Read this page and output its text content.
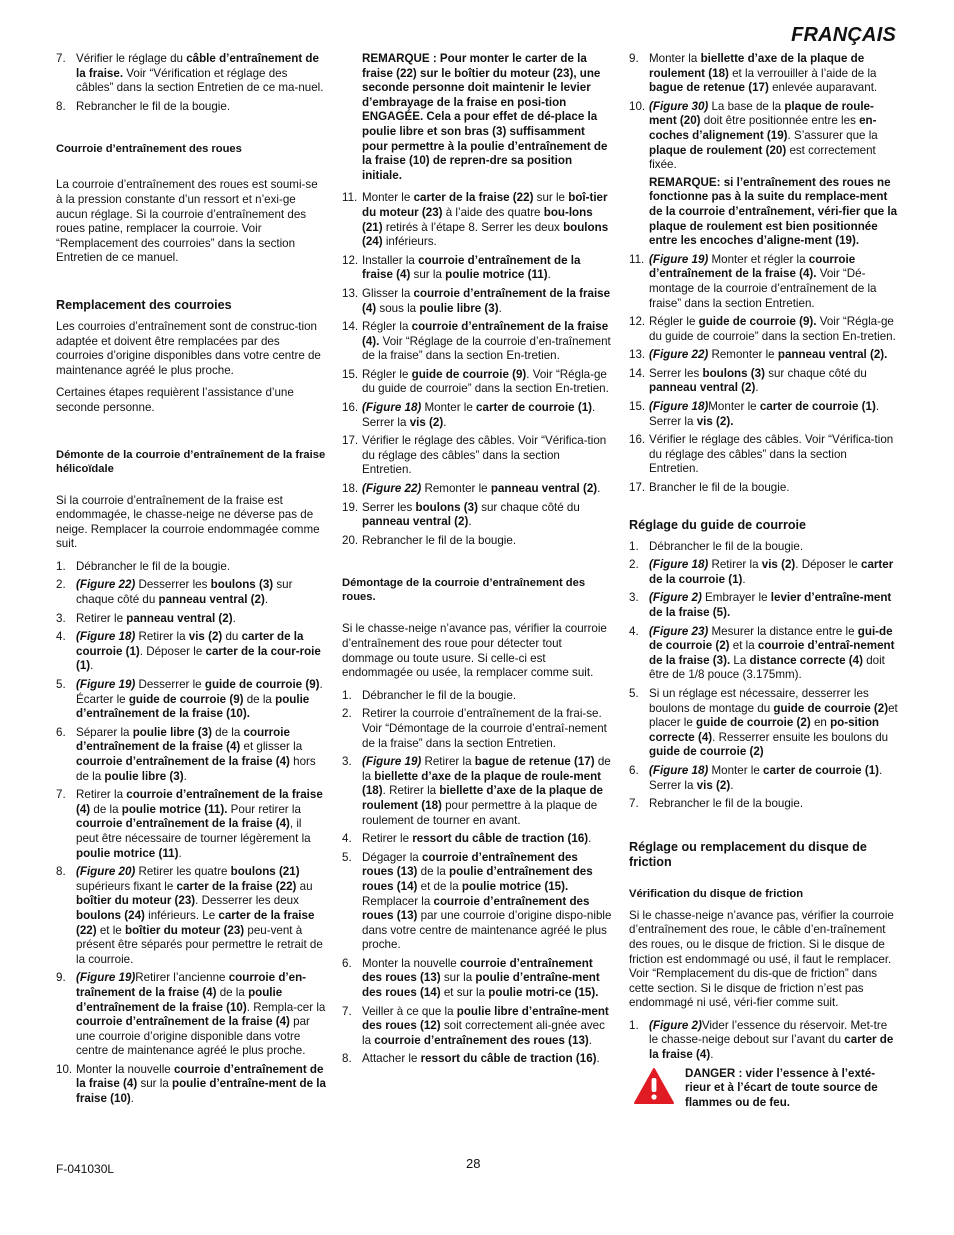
FRANÇAIS
7. Vérifier le réglage du câble d’entraînement de la fraise. Voir “Vérification et réglage des câbles” dans la section Entretien de ce ma-nuel.
8. Rebrancher le fil de la bougie.
Courroie d’entraînement des roues

La courroie d’entraînement des roues est soumi-se à la pression constante d’un ressort et n’exi-ge aucun réglage. Si la courroie d’entraînement des roues patine, remplacer la courroie. Voir “Remplacement des courroies” dans la section Entretien de ce manuel.

Remplacement des courroies

Les courroies d’entraînement sont de construc-tion adaptée et doivent être remplacées par des courroies d’origine disponibles dans votre centre de maintenance agréé le plus proche.

Certaines étapes requièrent l’assistance d’une seconde personne.

Démonte de la courroie d’entraînement de la fraise hélicoïdale

Si la courroie d’entraînement de la fraise est endommagée, le chasse-neige ne déverse pas de neige. Remplacer la courroie endommagée comme suit.

1. Débrancher le fil de la bougie.
2. (Figure 22) Desserrer les boulons (3) sur chaque côté du panneau ventral (2).
3. Retirer le panneau ventral (2).
4. (Figure 18) Retirer la vis (2) du carter de la courroie (1). Déposer le carter de la cour-roie (1).
5. (Figure 19) Desserrer le guide de courroie (9). Écarter le guide de courroie (9) de la poulie d’entraînement de la fraise (10).
6. Séparer la poulie libre (3) de la courroie d’entraînement de la fraise (4) et glisser la courroie d’entraînement de la fraise (4) hors de la poulie libre (3).
7. Retirer la courroie d’entraînement de la fraise (4) de la poulie motrice (11). Pour retirer la courroie d’entraînement de la fraise (4), il peut être nécessaire de tourner légèrement la poulie motrice (11).
8. (Figure 20) Retirer les quatre boulons (21) supérieurs fixant le carter de la fraise (22) au boîtier du moteur (23). Desserrer les deux boulons (24) inférieurs. Le carter de la fraise (22) et le boîtier du moteur (23) peu-vent à présent être séparés pour permettre le retrait de la courroie.
9. (Figure 19)Retirer l’ancienne courroie d’en-traînement de la fraise (4) de la poulie d’entraînement de la fraise (10). Rempla-cer la courroie d’entraînement de la fraise (4) par une courroie d’origine disponible dans votre centre de maintenance agréé le plus proche.
10. Monter la nouvelle courroie d’entraînement de la fraise (4) sur la poulie d’entraîne-ment de la fraise (10).
REMARQUE : Pour monter le carter de la fraise (22) sur le boîtier du moteur (23), une seconde personne doit maintenir le levier d’embrayage de la fraise en posi-tion ENGAGÉE. Cela a pour effet de dé-place la poulie libre et son bras (3) suffisamment pour permettre à la poulie d’entraînement de la fraise (10) de repren-dre sa position initiale.
11. Monter le carter de la fraise (22) sur le boî-tier du moteur (23) à l’aide des quatre bou-lons (21) retirés à l’étape 8. Serrer les deux boulons (24) inférieurs.
12. Installer la courroie d’entraînement de la fraise (4) sur la poulie motrice (11).
13. Glisser la courroie d’entraînement de la fraise (4) sous la poulie libre (3).
14. Régler la courroie d’entraînement de la fraise (4). Voir “Réglage de la courroie d’en-traînement de la fraise” dans la section En-tretien.
15. Régler le guide de courroie (9). Voir “Régla-ge du guide de courroie” dans la section En-tretien.
16. (Figure 18) Monter le carter de courroie (1). Serrer la vis (2).
17. Vérifier le réglage des câbles. Voir “Vérifica-tion du réglage des câbles” dans la section Entretien.
18. (Figure 22) Remonter le panneau ventral (2).
19. Serrer les boulons (3) sur chaque côté du panneau ventral (2).
20. Rebrancher le fil de la bougie.
Démontage de la courroie d’entraînement des roues.

Si le chasse-neige n’avance pas, vérifier la courroie d’entraînement des roue pour détecter tout dommage ou toute usure. Si celle-ci est endommagée ou usée, la remplacer comme suit.

1. Débrancher le fil de la bougie.
2. Retirer la courroie d’entraînement de la frai-se. Voir “Démontage de la courroie d’entraî-nement de la fraise” dans la section Entretien.
3. (Figure 19) Retirer la bague de retenue (17) de la biellette d’axe de la plaque de roule-ment (18). Retirer la biellette d’axe de la plaque de roulement (18) pour permettre à la plaque de roulement de tourner en avant.
4. Retirer le ressort du câble de traction (16).
5. Dégager la courroie d’entraînement des roues (13) de la poulie d’entraînement des roues (14) et de la poulie motrice (15). Remplacer la courroie d’entraînement des roues (13) par une courroie d’origine dispo-nible dans votre centre de maintenance agréé le plus proche.
6. Monter la nouvelle courroie d’entraînement des roues (13) sur la poulie d’entraîne-ment des roues (14) et sur la poulie motri-ce (15).
7. Veiller à ce que la poulie libre d’entraîne-ment des roues (12) soit correctement ali-gnée avec la courroie d’entraînement des roues (13).
8. Attacher le ressort du câble de traction (16).
9. Monter la biellette d’axe de la plaque de roulement (18) et la verrouiller à l’aide de la bague de retenue (17) enlevée auparavant.
10. (Figure 30) La base de la plaque de roule-ment (20) doit être positionnée entre les en-coches d’alignement (19). S’assurer que la plaque de roulement (20) est correctement fixée.
REMARQUE: si l’entraînement des roues ne fonctionne pas à la suite du remplace-ment de la courroie d’entraînement, véri-fier que la plaque de roulement est bien positionnée entre les encoches d’aligne-ment (19).
11. (Figure 19) Monter et régler la courroie d’entraînement de la fraise (4). Voir “Dé-montage de la courroie d’entraînement de la fraise” dans la section Entretien.
12. Régler le guide de courroie (9). Voir “Régla-ge du guide de courroie” dans la section En-tretien.
13. (Figure 22) Remonter le panneau ventral (2).
14. Serrer les boulons (3) sur chaque côté du panneau ventral (2).
15. (Figure 18)Monter le carter de courroie (1). Serrer la vis (2).
16. Vérifier le réglage des câbles. Voir “Vérifica-tion du réglage des câbles” dans la section Entretien.
17. Brancher le fil de la bougie.
Réglage du guide de courroie
1. Débrancher le fil de la bougie.
2. (Figure 18) Retirer la vis (2). Déposer le carter de la courroie (1).
3. (Figure 2) Embrayer le levier d’entraîne-ment de la fraise (5).
4. (Figure 23) Mesurer la distance entre le gui-de de courroie (2) et la courroie d’entraî-nement de la fraise (3). La distance correcte (4) doit être de 1/8 pouce (3.175mm).
5. Si un réglage est nécessaire, desserrer les boulons de montage du guide de courroie (2)et placer le guide de courroie (2) en po-sition correcte (4). Resserrer ensuite les boulons du guide de courroie (2)
6. (Figure 18) Monter le carter de courroie (1). Serrer la vis (2).
7. Rebrancher le fil de la bougie.
Réglage ou remplacement du disque de friction
Vérification du disque de friction

Si le chasse-neige n’avance pas, vérifier la courroie d’entraînement des roue, le câble d’en-traînement des roues, ou le disque de friction. Si le disque de friction est endommagé ou usé, il faut le remplacer. Voir “Remplacement du dis-que de friction” dans cette section. Si le disque de friction n’est pas endommagé ni usé, véri-fier comme suit.

1. (Figure 2)Vider l’essence du réservoir. Met-tre le chasse-neige debout sur l’avant du carter de la fraise (4).
DANGER : vider l’essence à l’exté-rieur et à l’écart de toute source de flammes ou de feu.
F-041030L	28
